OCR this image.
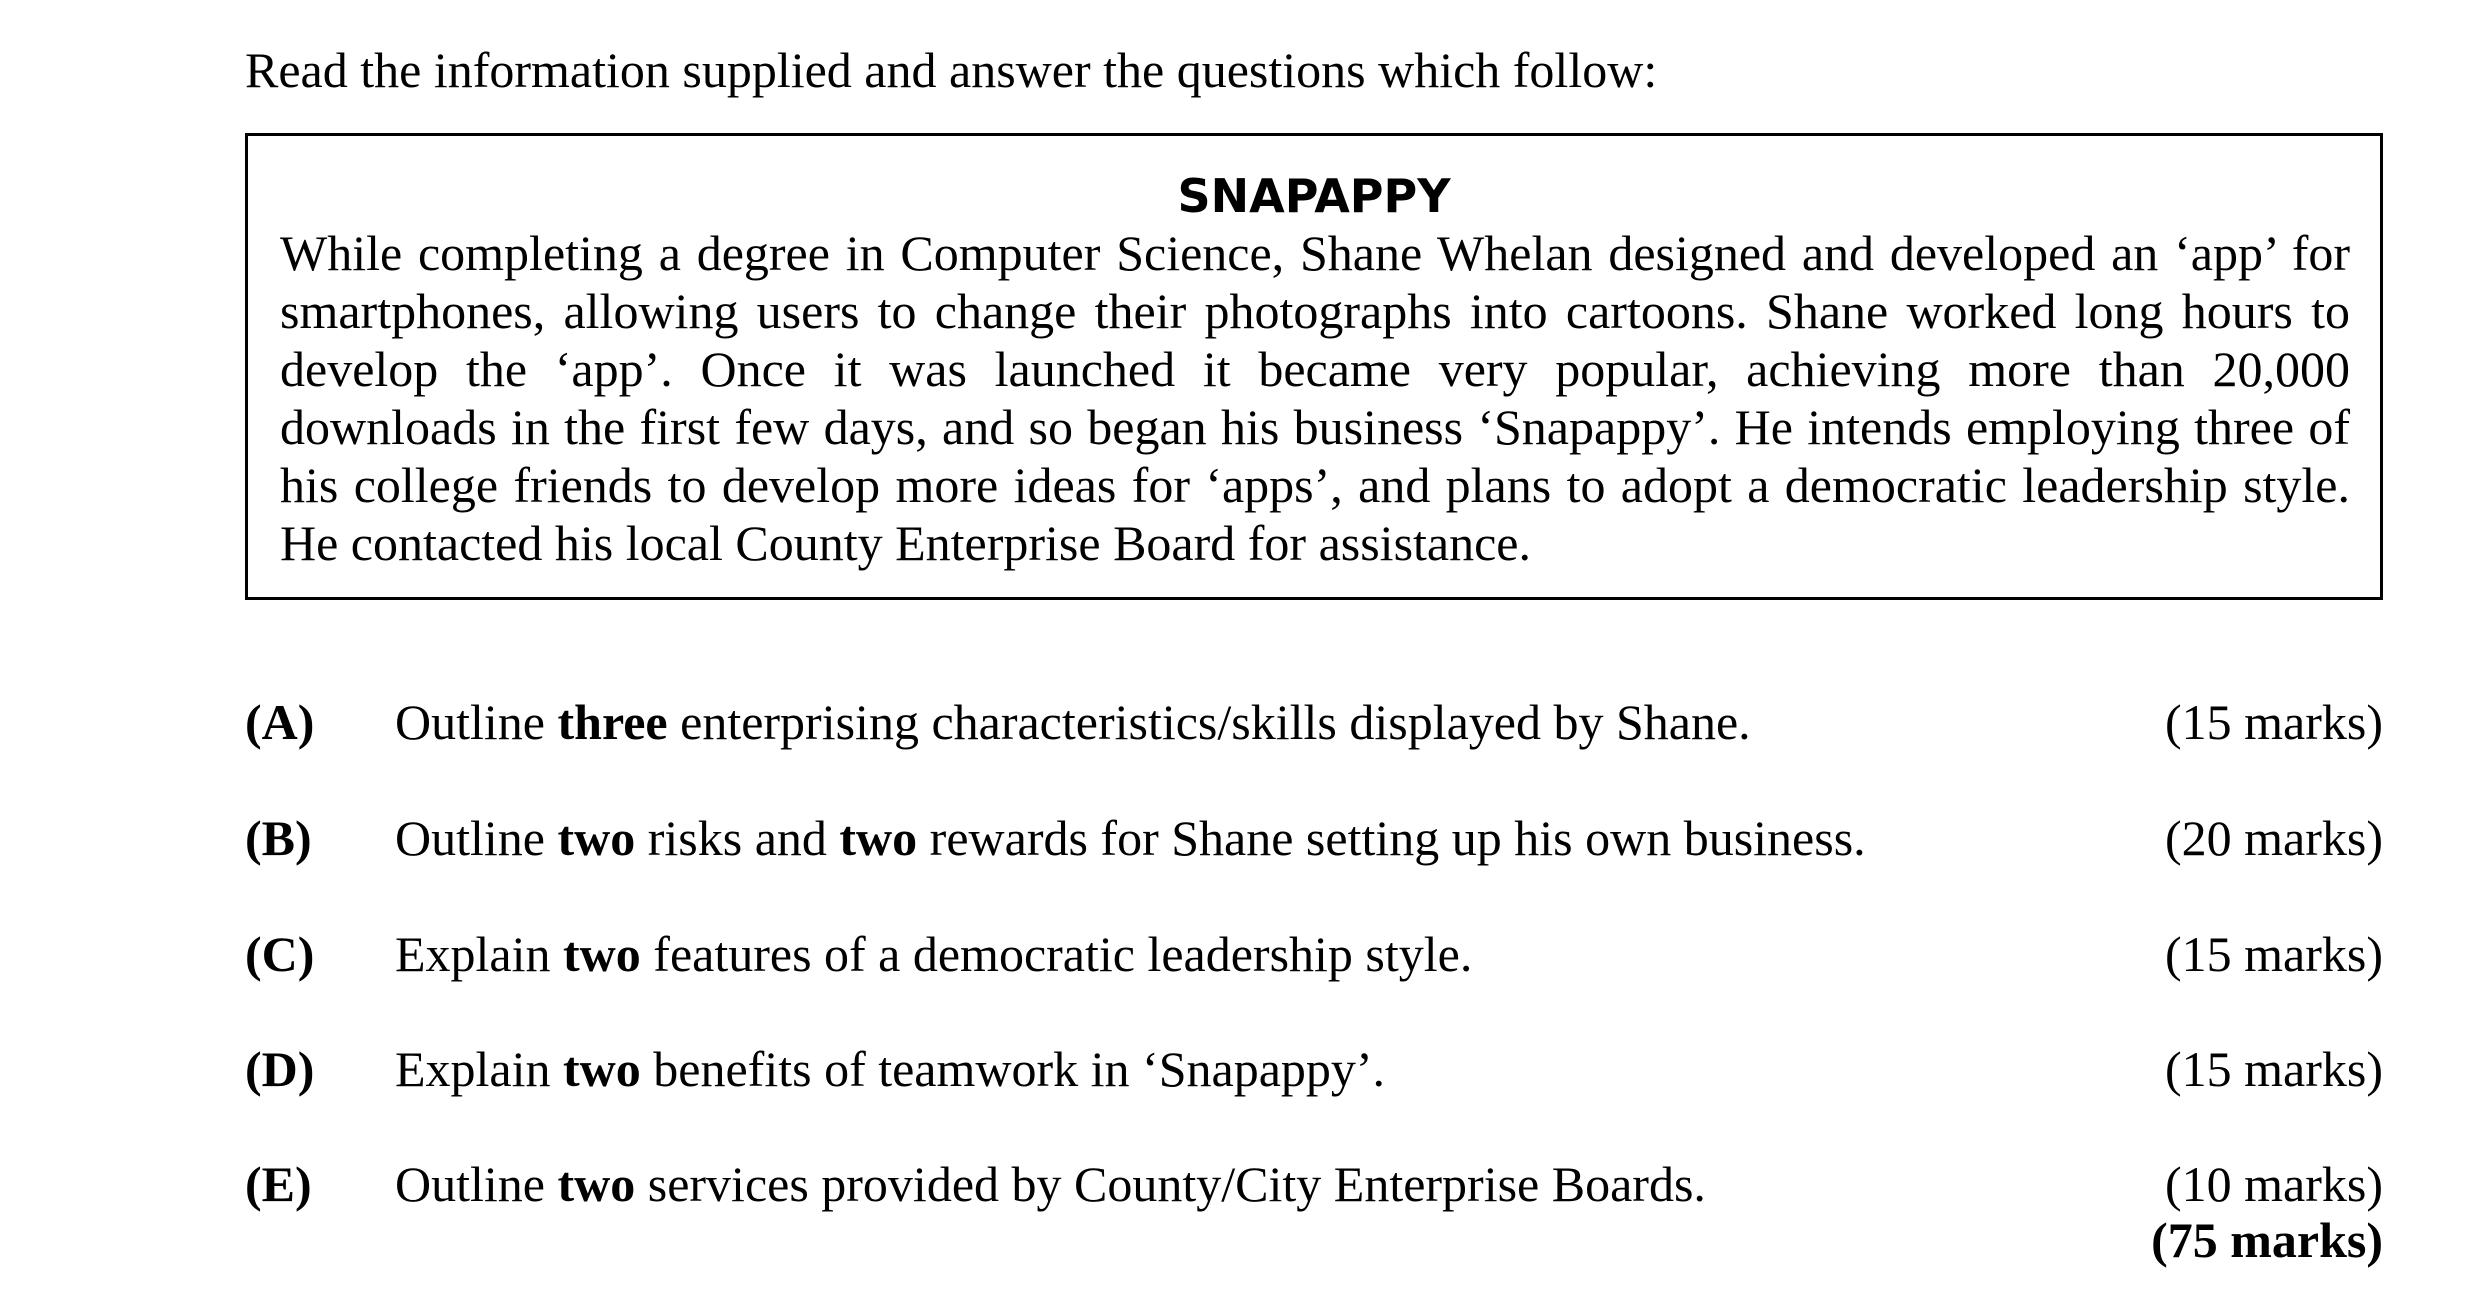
Read the information supplied and answer the questions which follow:
SNAPAPPY
While completing a degree in Computer Science, Shane Whelan designed and developed an ‘app’ for
smartphones, allowing users to change their photographs into cartoons. Shane worked long hours to
develop the ‘app’. Once it was launched it became very popular, achieving more than 20,000
downloads in the first few days, and so began his business ‘Snapappy’. He intends employing three of
his college friends to develop more ideas for ‘apps’, and plans to adopt a democratic leadership style.
He contacted his local County Enterprise Board for assistance.
(A) Outline three enterprising characteristics/skills displayed by Shane.	(15 marks)
(B) Outline two risks and two rewards for Shane setting up his own business.	(20 marks)
(C) Explain two features of a democratic leadership style.	(15 marks)
(D) Explain two benefits of teamwork in ‘Snapappy’.	(15 marks)
(E) Outline two services provided by County/City Enterprise Boards.	(10 marks)
(75 marks)
